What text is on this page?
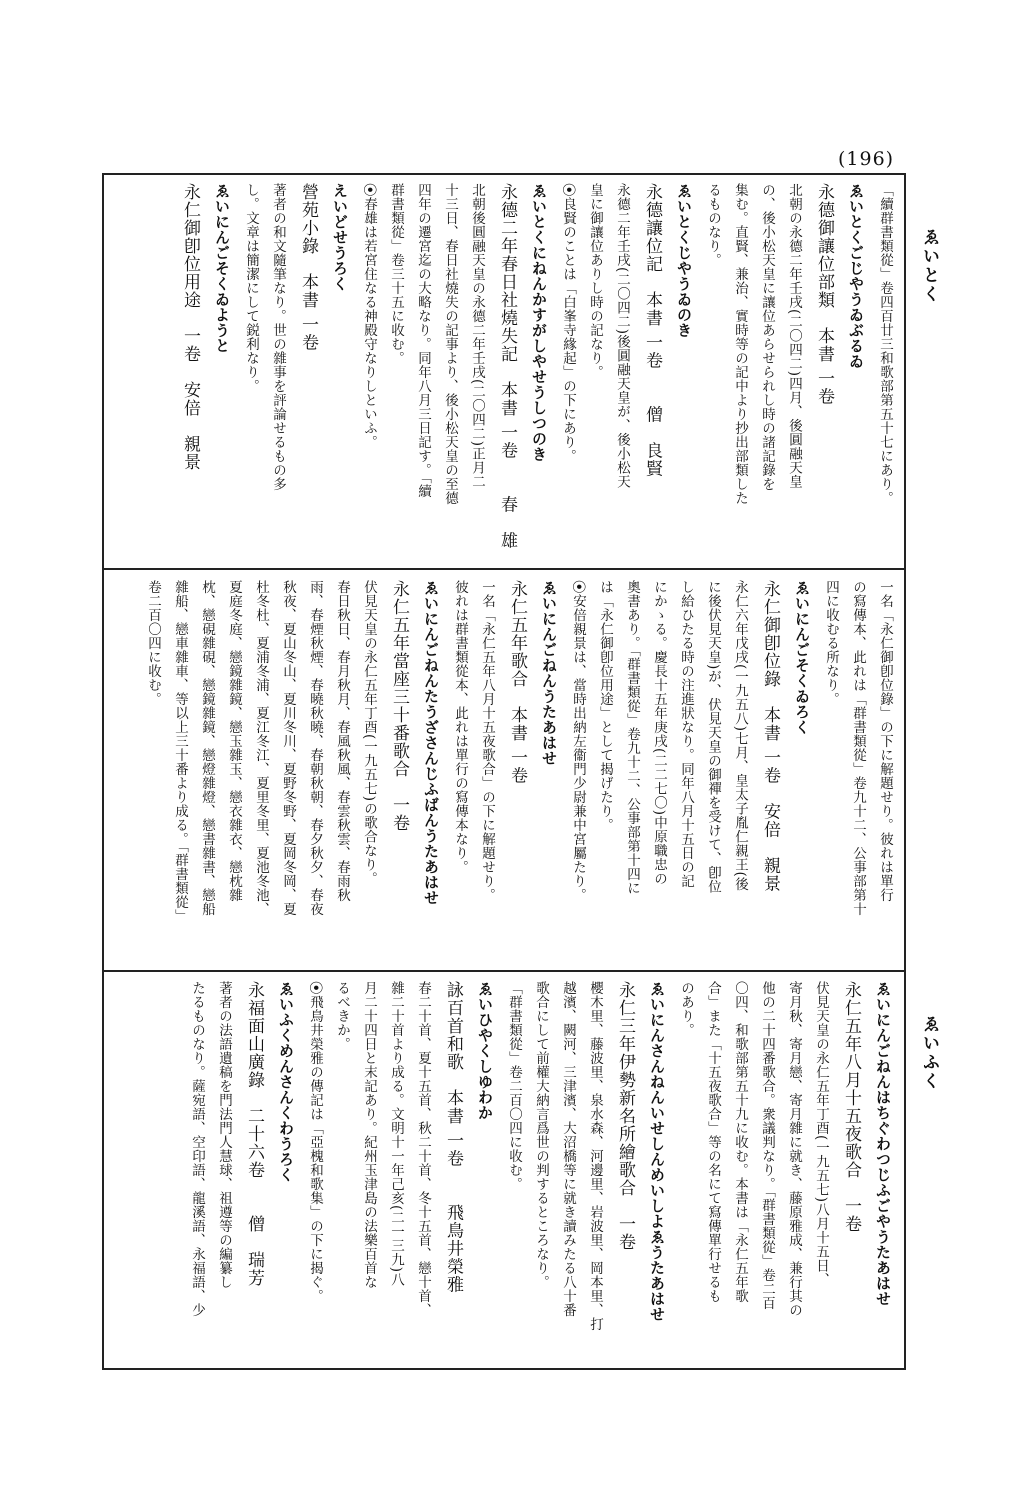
(196)
ゑいとく
ゑいふく
「續群書類從」卷四百廿三和歌部第五十七にあり。
ゑいとくごじやうゐぶるゐ
永德御讓位部類　本書 一卷
北朝の永德二年壬戌(二〇四二)四月、後圓融天皇
の、後小松天皇に讓位あらせられし時の諸記錄を
集む。直賢、兼治、實時等の記中より抄出部類した
るものなり。
ゑいとくじやうゐのき
永德讓位記　本書 一卷　　僧　良賢
永德二年壬戌(二〇四二)後圓融天皇が、後小松天
皇に御讓位ありし時の記なり。
⦿良賢のことは「白峯寺緣起」の下にあり。
ゑいとくにねんかすがしやせうしつのき
永德二年春日社燒失記　本書 一卷　　春　雄
北朝後圓融天皇の永德二年壬戌(二〇四二)正月二
十三日、春日社燒失の記事より、後小松天皇の至德
四年の遷宮迄の大略なり。同年八月三日記す。「續
群書類從」卷三十五に收む。
⦿春雄は若宮住なる神殿守なりしといふ。
えいどせうろく
營苑小錄　本書 一卷
著者の和文隨筆なり。世の雜事を評論せるもの多
し。文章は簡潔にして鋭利なり。
ゑいにんごそくゐようと
永仁御卽位用途　一卷　安倍　親景
一名「永仁御卽位錄」の下に解題せり。彼れは單行
の寫傳本、此れは「群書類從」卷九十二、公事部第十
四に收むる所なり。
ゑいにんごそくゐろく
永仁御卽位錄　本書 一卷　安倍　親景
永仁六年戊戌(一九五八)七月、皇太子胤仁親王(後
に後伏見天皇)が、伏見天皇の御禪を受けて、卽位
し給ひたる時の注進狀なり。同年八月十五日の記
にかゝる。慶長十五年庚戌(二二七〇)中原職忠の
奧書あり。「群書類從」卷九十二、公事部第十四に
は「永仁御卽位用途」として揭げたり。
⦿安倍親景は、當時出納左衞門少尉兼中宮屬たり。
ゑいにんごねんうたあはせ
永仁五年歌合　本書 一卷
一名「永仁五年八月十五夜歌合」の下に解題せり。
彼れは群書類從本、此れは單行の寫傳本なり。
ゑいにんごねんたうざさんじふばんうたあはせ
永仁五年當座三十番歌合　一卷
伏見天皇の永仁五年丁酉(一九五七)の歌合なり。
春日秋日、春月秋月、春風秋風、春雲秋雲、春雨秋
雨、春煙秋煙、春曉秋曉、春朝秋朝、春夕秋夕、春夜
秋夜、夏山冬山、夏川冬川、夏野冬野、夏岡冬岡、夏
杜冬杜、夏浦冬浦、夏江冬江、夏里冬里、夏池冬池、
夏庭冬庭、戀鏡雜鏡、戀玉雜玉、戀衣雜衣、戀枕雜
枕、戀硯雜硯、戀鏡雜鏡、戀燈雜燈、戀書雜書、戀船
雜船、戀車雜車、等以上三十番より成る。「群書類從」
卷二百〇四に收む。
ゑいにんごねんはちぐわつじふごやうたあはせ
永仁五年八月十五夜歌合　一卷
伏見天皇の永仁五年丁酉(一九五七)八月十五日、
寄月秋、寄月戀、寄月雜に就き、藤原雅成、兼行其の
他の二十四番歌合。衆議判なり。「群書類從」卷二百
〇四、和歌部第五十九に收む。本書は「永仁五年歌
合」また「十五夜歌合」等の名にて寫傳單行せるも
のあり。
ゑいにんさんねんいせしんめいしよゑうたあはせ
永仁三年伊勢新名所繪歌合　一卷
櫻木里、藤波里、泉水森、河邊里、岩波里、岡本里、打
越濱、闕河、三津濱、大沼橋等に就き讀みたる八十番
歌合にして前權大納言爲世の判するところなり。
「群書類從」卷二百〇四に收む。
ゑいひやくしゆわか
詠百首和歌　本書 一卷　　飛鳥井榮雅
春二十首、夏十五首、秋二十首、冬十五首、戀十首、
雜二十首より成る。文明十一年己亥(二一三九)八
月二十四日と末記あり。紀州玉津島の法樂百首な
るべきか。
⦿飛鳥井榮雅の傳記は「亞槐和歌集」の下に揭ぐ。
ゑいふくめんさんくわうろく
永福面山廣錄　二十六卷　　僧　瑞芳
著者の法語遺稿を門法門人慧球、祖遵等の編纂し
たるものなり。薩宛語、空印語、龍溪語、永福語、少
